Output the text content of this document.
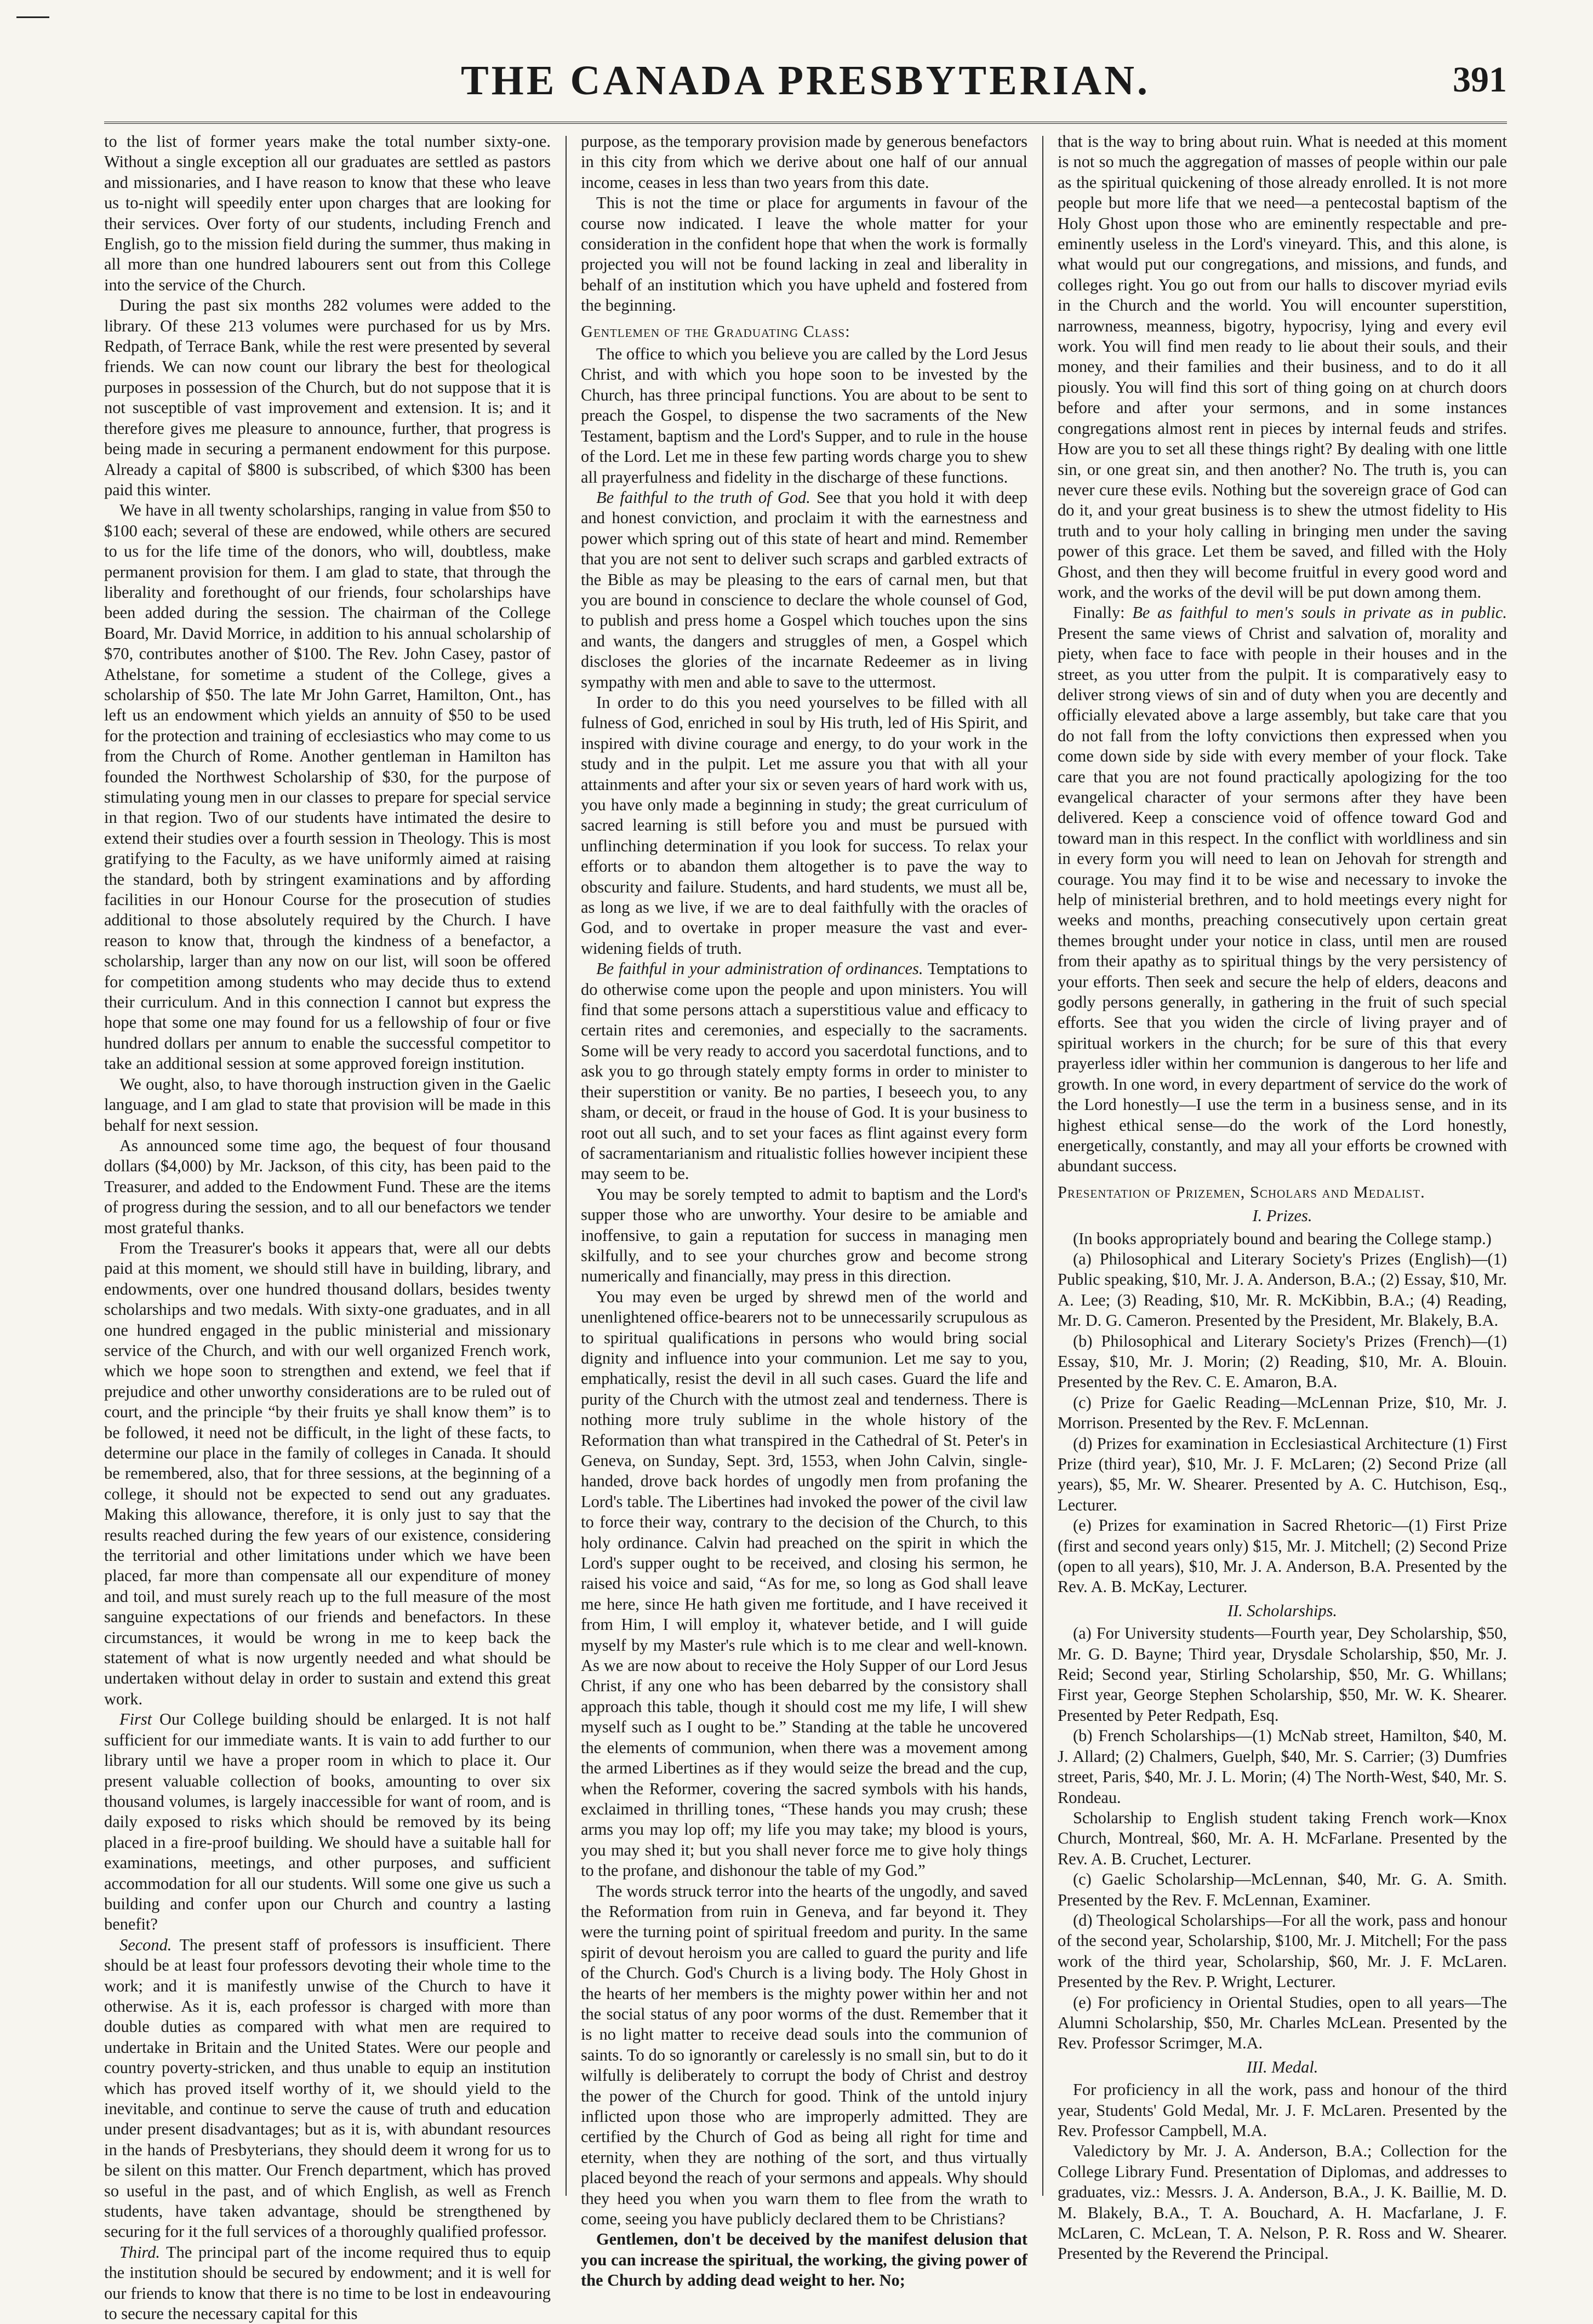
THE CANADA PRESBYTERIAN.	391

to the list of former years make the total number sixty-one. Without a single exception all our graduates are settled as pastors and missionaries, and I have reason to know that these who leave us to-night will speedily enter upon charges that are looking for their services. Over forty of our students, including French and English, go to the mission field during the summer, thus making in all more than one hundred labourers sent out from this College into the service of the Church.

During the past six months 282 volumes were added to the library. Of these 213 volumes were purchased for us by Mrs. Redpath, of Terrace Bank, while the rest were presented by several friends. We can now count our library the best for theological purposes in possession of the Church, but do not suppose that it is not susceptible of vast improvement and extension. It is; and it therefore gives me pleasure to announce, further, that progress is being made in securing a permanent endowment for this purpose. Already a capital of $800 is subscribed, of which $300 has been paid this winter.

We have in all twenty scholarships, ranging in value from $50 to $100 each; several of these are endowed, while others are secured to us for the life time of the donors, who will, doubtless, make permanent provision for them. I am glad to state, that through the liberality and forethought of our friends, four scholarships have been added during the session. The chairman of the College Board, Mr. David Morrice, in addition to his annual scholarship of $70, contributes another of $100. The Rev. John Casey, pastor of Athelstane, for sometime a student of the College, gives a scholarship of $50. The late Mr John Garret, Hamilton, Ont., has left us an endowment which yields an annuity of $50 to be used for the protection and training of ecclesiastics who may come to us from the Church of Rome. Another gentleman in Hamilton has founded the Northwest Scholarship of $30, for the purpose of stimulating young men in our classes to prepare for special service in that region. Two of our students have intimated the desire to extend their studies over a fourth session in Theology. This is most gratifying to the Faculty, as we have uniformly aimed at raising the standard, both by stringent examinations and by affording facilities in our Honour Course for the prosecution of studies additional to those absolutely required by the Church. I have reason to know that, through the kindness of a benefactor, a scholarship, larger than any now on our list, will soon be offered for competition among students who may decide thus to extend their curriculum. And in this connection I cannot but express the hope that some one may found for us a fellowship of four or five hundred dollars per annum to enable the successful competitor to take an additional session at some approved foreign institution.

We ought, also, to have thorough instruction given in the Gaelic language, and I am glad to state that provision will be made in this behalf for next session.

As announced some time ago, the bequest of four thousand dollars ($4,000) by Mr. Jackson, of this city, has been paid to the Treasurer, and added to the Endowment Fund. These are the items of progress during the session, and to all our benefactors we tender most grateful thanks.

From the Treasurer's books it appears that, were all our debts paid at this moment, we should still have in building, library, and endowments, over one hundred thousand dollars, besides twenty scholarships and two medals. With sixty-one graduates, and in all one hundred engaged in the public ministerial and missionary service of the Church, and with our well organized French work, which we hope soon to strengthen and extend, we feel that if prejudice and other unworthy considerations are to be ruled out of court, and the principle “by their fruits ye shall know them” is to be followed, it need not be difficult, in the light of these facts, to determine our place in the family of colleges in Canada. It should be remembered, also, that for three sessions, at the beginning of a college, it should not be expected to send out any graduates. Making this allowance, therefore, it is only just to say that the results reached during the few years of our existence, considering the territorial and other limitations under which we have been placed, far more than compensate all our expenditure of money and toil, and must surely reach up to the full measure of the most sanguine expectations of our friends and benefactors. In these circumstances, it would be wrong in me to keep back the statement of what is now urgently needed and what should be undertaken without delay in order to sustain and extend this great work.

First Our College building should be enlarged. It is not half sufficient for our immediate wants. It is vain to add further to our library until we have a proper room in which to place it. Our present valuable collection of books, amounting to over six thousand volumes, is largely inaccessible for want of room, and is daily exposed to risks which should be removed by its being placed in a fire-proof building. We should have a suitable hall for examinations, meetings, and other purposes, and sufficient accommodation for all our students. Will some one give us such a building and confer upon our Church and country a lasting benefit?

Second. The present staff of professors is insufficient. There should be at least four professors devoting their whole time to the work; and it is manifestly unwise of the Church to have it otherwise. As it is, each professor is charged with more than double duties as compared with what men are required to undertake in Britain and the United States. Were our people and country poverty-stricken, and thus unable to equip an institution which has proved itself worthy of it, we should yield to the inevitable, and continue to serve the cause of truth and education under present disadvantages; but as it is, with abundant resources in the hands of Presbyterians, they should deem it wrong for us to be silent on this matter. Our French department, which has proved so useful in the past, and of which English, as well as French students, have taken advantage, should be strengthened by securing for it the full services of a thoroughly qualified professor.

Third. The principal part of the income required thus to equip the institution should be secured by endowment; and it is well for our friends to know that there is no time to be lost in endeavouring to secure the necessary capital for this

purpose, as the temporary provision made by generous benefactors in this city from which we derive about one half of our annual income, ceases in less than two years from this date.

This is not the time or place for arguments in favour of the course now indicated. I leave the whole matter for your consideration in the confident hope that when the work is formally projected you will not be found lacking in zeal and liberality in behalf of an institution which you have upheld and fostered from the beginning.

Gentlemen of the Graduating Class:

The office to which you believe you are called by the Lord Jesus Christ, and with which you hope soon to be invested by the Church, has three principal functions. You are about to be sent to preach the Gospel, to dispense the two sacraments of the New Testament, baptism and the Lord's Supper, and to rule in the house of the Lord. Let me in these few parting words charge you to shew all prayerfulness and fidelity in the discharge of these functions.

Be faithful to the truth of God. See that you hold it with deep and honest conviction, and proclaim it with the earnestness and power which spring out of this state of heart and mind. Remember that you are not sent to deliver such scraps and garbled extracts of the Bible as may be pleasing to the ears of carnal men, but that you are bound in conscience to declare the whole counsel of God, to publish and press home a Gospel which touches upon the sins and wants, the dangers and struggles of men, a Gospel which discloses the glories of the incarnate Redeemer as in living sympathy with men and able to save to the uttermost.

In order to do this you need yourselves to be filled with all fulness of God, enriched in soul by His truth, led of His Spirit, and inspired with divine courage and energy, to do your work in the study and in the pulpit. Let me assure you that with all your attainments and after your six or seven years of hard work with us, you have only made a beginning in study; the great curriculum of sacred learning is still before you and must be pursued with unflinching determination if you look for success. To relax your efforts or to abandon them altogether is to pave the way to obscurity and failure. Students, and hard students, we must all be, as long as we live, if we are to deal faithfully with the oracles of God, and to overtake in proper measure the vast and ever-widening fields of truth.

Be faithful in your administration of ordinances. Temptations to do otherwise come upon the people and upon ministers. You will find that some persons attach a superstitious value and efficacy to certain rites and ceremonies, and especially to the sacraments. Some will be very ready to accord you sacerdotal functions, and to ask you to go through stately empty forms in order to minister to their superstition or vanity. Be no parties, I beseech you, to any sham, or deceit, or fraud in the house of God. It is your business to root out all such, and to set your faces as flint against every form of sacramentarianism and ritualistic follies however incipient these may seem to be.

You may be sorely tempted to admit to baptism and the Lord's supper those who are unworthy. Your desire to be amiable and inoffensive, to gain a reputation for success in managing men skilfully, and to see your churches grow and become strong numerically and financially, may press in this direction.

You may even be urged by shrewd men of the world and unenlightened office-bearers not to be unnecessarily scrupulous as to spiritual qualifications in persons who would bring social dignity and influence into your communion. Let me say to you, emphatically, resist the devil in all such cases. Guard the life and purity of the Church with the utmost zeal and tenderness. There is nothing more truly sublime in the whole history of the Reformation than what transpired in the Cathedral of St. Peter's in Geneva, on Sunday, Sept. 3rd, 1553, when John Calvin, single-handed, drove back hordes of ungodly men from profaning the Lord's table. The Libertines had invoked the power of the civil law to force their way, contrary to the decision of the Church, to this holy ordinance. Calvin had preached on the spirit in which the Lord's supper ought to be received, and closing his sermon, he raised his voice and said, “As for me, so long as God shall leave me here, since He hath given me fortitude, and I have received it from Him, I will employ it, whatever betide, and I will guide myself by my Master's rule which is to me clear and well-known. As we are now about to receive the Holy Supper of our Lord Jesus Christ, if any one who has been debarred by the consistory shall approach this table, though it should cost me my life, I will shew myself such as I ought to be.” Standing at the table he uncovered the elements of communion, when there was a movement among the armed Libertines as if they would seize the bread and the cup, when the Reformer, covering the sacred symbols with his hands, exclaimed in thrilling tones, “These hands you may crush; these arms you may lop off; my life you may take; my blood is yours, you may shed it; but you shall never force me to give holy things to the profane, and dishonour the table of my God.”

The words struck terror into the hearts of the ungodly, and saved the Reformation from ruin in Geneva, and far beyond it. They were the turning point of spiritual freedom and purity. In the same spirit of devout heroism you are called to guard the purity and life of the Church. God's Church is a living body. The Holy Ghost in the hearts of her members is the mighty power within her and not the social status of any poor worms of the dust. Remember that it is no light matter to receive dead souls into the communion of saints. To do so ignorantly or carelessly is no small sin, but to do it wilfully is deliberately to corrupt the body of Christ and destroy the power of the Church for good. Think of the untold injury inflicted upon those who are improperly admitted. They are certified by the Church of God as being all right for time and eternity, when they are nothing of the sort, and thus virtually placed beyond the reach of your sermons and appeals. Why should they heed you when you warn them to flee from the wrath to come, seeing you have publicly declared them to be Christians?

Gentlemen, don't be deceived by the manifest delusion that you can increase the spiritual, the working, the giving power of the Church by adding dead weight to her. No;

that is the way to bring about ruin. What is needed at this moment is not so much the aggregation of masses of people within our pale as the spiritual quickening of those already enrolled. It is not more people but more life that we need—a pentecostal baptism of the Holy Ghost upon those who are eminently respectable and pre-eminently useless in the Lord's vineyard. This, and this alone, is what would put our congregations, and missions, and funds, and colleges right. You go out from our halls to discover myriad evils in the Church and the world. You will encounter superstition, narrowness, meanness, bigotry, hypocrisy, lying and every evil work. You will find men ready to lie about their souls, and their money, and their families and their business, and to do it all piously. You will find this sort of thing going on at church doors before and after your sermons, and in some instances congregations almost rent in pieces by internal feuds and strifes. How are you to set all these things right? By dealing with one little sin, or one great sin, and then another? No. The truth is, you can never cure these evils. Nothing but the sovereign grace of God can do it, and your great business is to shew the utmost fidelity to His truth and to your holy calling in bringing men under the saving power of this grace. Let them be saved, and filled with the Holy Ghost, and then they will become fruitful in every good word and work, and the works of the devil will be put down among them.

Finally: Be as faithful to men's souls in private as in public. Present the same views of Christ and salvation of, morality and piety, when face to face with people in their houses and in the street, as you utter from the pulpit. It is comparatively easy to deliver strong views of sin and of duty when you are decently and officially elevated above a large assembly, but take care that you do not fall from the lofty convictions then expressed when you come down side by side with every member of your flock. Take care that you are not found practically apologizing for the too evangelical character of your sermons after they have been delivered. Keep a conscience void of offence toward God and toward man in this respect. In the conflict with worldliness and sin in every form you will need to lean on Jehovah for strength and courage. You may find it to be wise and necessary to invoke the help of ministerial brethren, and to hold meetings every night for weeks and months, preaching consecutively upon certain great themes brought under your notice in class, until men are roused from their apathy as to spiritual things by the very persistency of your efforts. Then seek and secure the help of elders, deacons and godly persons generally, in gathering in the fruit of such special efforts. See that you widen the circle of living prayer and of spiritual workers in the church; for be sure of this that every prayerless idler within her communion is dangerous to her life and growth. In one word, in every department of service do the work of the Lord honestly—I use the term in a business sense, and in its highest ethical sense—do the work of the Lord honestly, energetically, constantly, and may all your efforts be crowned with abundant success.

Presentation of Prizemen, Scholars and Medalist.

I. Prizes.

(In books appropriately bound and bearing the College stamp.)

(a) Philosophical and Literary Society's Prizes (English)—(1) Public speaking, $10, Mr. J. A. Anderson, B.A.; (2) Essay, $10, Mr. A. Lee; (3) Reading, $10, Mr. R. McKibbin, B.A.; (4) Reading, Mr. D. G. Cameron. Presented by the President, Mr. Blakely, B.A.

(b) Philosophical and Literary Society's Prizes (French)—(1) Essay, $10, Mr. J. Morin; (2) Reading, $10, Mr. A. Blouin. Presented by the Rev. C. E. Amaron, B.A.

(c) Prize for Gaelic Reading—McLennan Prize, $10, Mr. J. Morrison. Presented by the Rev. F. McLennan.

(d) Prizes for examination in Ecclesiastical Architecture (1) First Prize (third year), $10, Mr. J. F. McLaren; (2) Second Prize (all years), $5, Mr. W. Shearer. Presented by A. C. Hutchison, Esq., Lecturer.

(e) Prizes for examination in Sacred Rhetoric—(1) First Prize (first and second years only) $15, Mr. J. Mitchell; (2) Second Prize (open to all years), $10, Mr. J. A. Anderson, B.A. Presented by the Rev. A. B. McKay, Lecturer.

II. Scholarships.

(a) For University students—Fourth year, Dey Scholarship, $50, Mr. G. D. Bayne; Third year, Drysdale Scholarship, $50, Mr. J. Reid; Second year, Stirling Scholarship, $50, Mr. G. Whillans; First year, George Stephen Scholarship, $50, Mr. W. K. Shearer. Presented by Peter Redpath, Esq.

(b) French Scholarships—(1) McNab street, Hamilton, $40, M. J. Allard; (2) Chalmers, Guelph, $40, Mr. S. Carrier; (3) Dumfries street, Paris, $40, Mr. J. L. Morin; (4) The North-West, $40, Mr. S. Rondeau.

Scholarship to English student taking French work—Knox Church, Montreal, $60, Mr. A. H. McFarlane. Presented by the Rev. A. B. Cruchet, Lecturer.

(c) Gaelic Scholarship—McLennan, $40, Mr. G. A. Smith. Presented by the Rev. F. McLennan, Examiner.

(d) Theological Scholarships—For all the work, pass and honour of the second year, Scholarship, $100, Mr. J. Mitchell; For the pass work of the third year, Scholarship, $60, Mr. J. F. McLaren. Presented by the Rev. P. Wright, Lecturer.

(e) For proficiency in Oriental Studies, open to all years—The Alumni Scholarship, $50, Mr. Charles McLean. Presented by the Rev. Professor Scrimger, M.A.

III. Medal.

For proficiency in all the work, pass and honour of the third year, Students' Gold Medal, Mr. J. F. McLaren. Presented by the Rev. Professor Campbell, M.A.

Valedictory by Mr. J. A. Anderson, B.A.; Collection for the College Library Fund. Presentation of Diplomas, and addresses to graduates, viz.: Messrs. J. A. Anderson, B.A., J. K. Baillie, M. D. M. Blakely, B.A., T. A. Bouchard, A. H. Macfarlane, J. F. McLaren, C. McLean, T. A. Nelson, P. R. Ross and W. Shearer. Presented by the Reverend the Principal.
